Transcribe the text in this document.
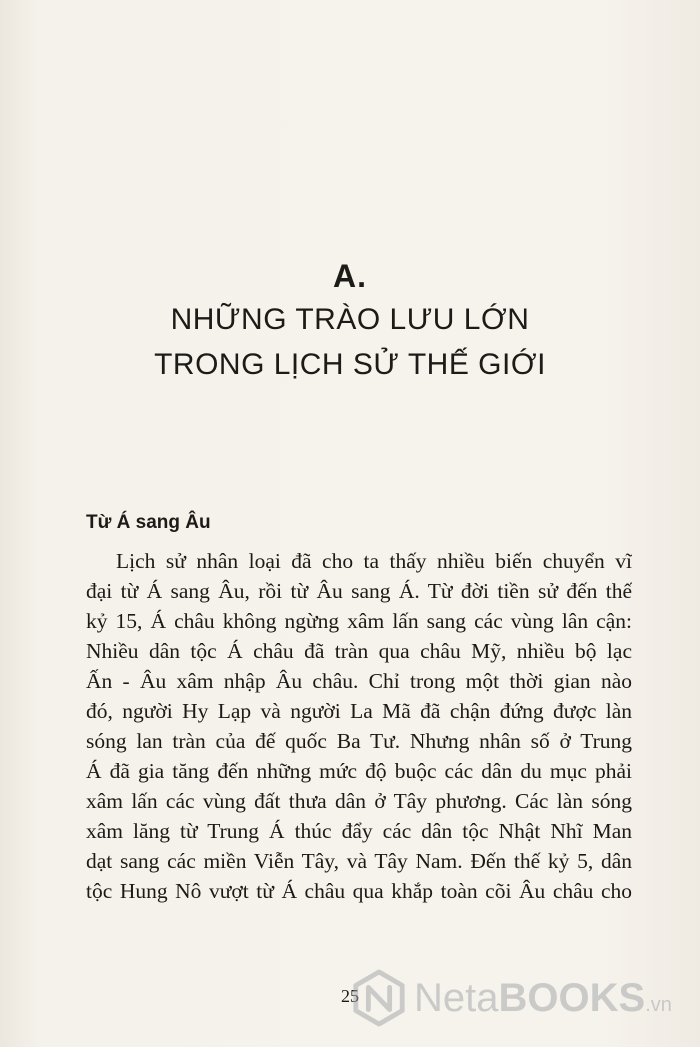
A.
NHỮNG TRÀO LƯU LỚN
TRONG LỊCH SỬ THẾ GIỚI
Từ Á sang Âu
Lịch sử nhân loại đã cho ta thấy nhiều biến chuyển vĩ
đại từ Á sang Âu, rồi từ Âu sang Á. Từ đời tiền sử đến thế
kỷ 15, Á châu không ngừng xâm lấn sang các vùng lân cận:
Nhiều dân tộc Á châu đã tràn qua châu Mỹ, nhiều bộ lạc
Ấn - Âu xâm nhập Âu châu. Chỉ trong một thời gian nào
đó, người Hy Lạp và người La Mã đã chận đứng được làn
sóng lan tràn của đế quốc Ba Tư. Nhưng nhân số ở Trung
Á đã gia tăng đến những mức độ buộc các dân du mục phải
xâm lấn các vùng đất thưa dân ở Tây phương. Các làn sóng
xâm lăng từ Trung Á thúc đẩy các dân tộc Nhật Nhĩ Man
dạt sang các miền Viễn Tây, và Tây Nam. Đến thế kỷ 5, dân
tộc Hung Nô vượt từ Á châu qua khắp toàn cõi Âu châu cho
25	NetaBOOKS.vn
